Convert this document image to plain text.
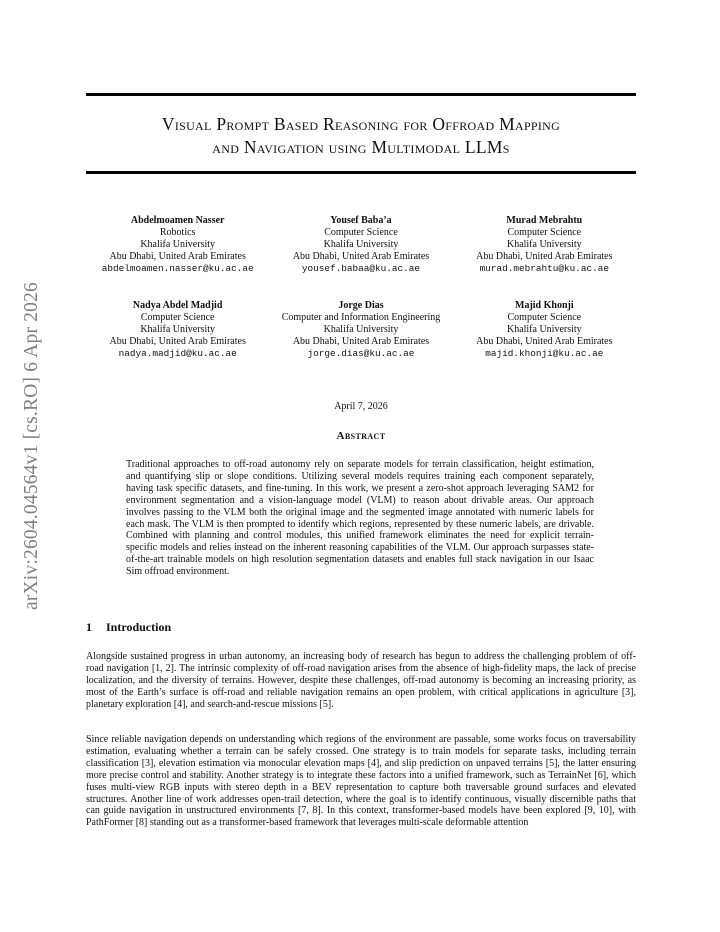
arXiv:2604.04564v1 [cs.RO] 6 Apr 2026
Visual Prompt Based Reasoning for Offroad Mapping
and Navigation using Multimodal LLMs
Abdelmoamen Nasser
Robotics
Khalifa University
Abu Dhabi, United Arab Emirates
abdelmoamen.nasser@ku.ac.ae
Yousef Baba’a
Computer Science
Khalifa University
Abu Dhabi, United Arab Emirates
yousef.babaa@ku.ac.ae
Murad Mebrahtu
Computer Science
Khalifa University
Abu Dhabi, United Arab Emirates
murad.mebrahtu@ku.ac.ae
Nadya Abdel Madjid
Computer Science
Khalifa University
Abu Dhabi, United Arab Emirates
nadya.madjid@ku.ac.ae
Jorge Dias
Computer and Information Engineering
Khalifa University
Abu Dhabi, United Arab Emirates
jorge.dias@ku.ac.ae
Majid Khonji
Computer Science
Khalifa University
Abu Dhabi, United Arab Emirates
majid.khonji@ku.ac.ae
April 7, 2026
Abstract
Traditional approaches to off-road autonomy rely on separate models for terrain classification, height estimation, and quantifying slip or slope conditions. Utilizing several models requires training each component separately, having task specific datasets, and fine-tuning. In this work, we present a zero-shot approach leveraging SAM2 for environment segmentation and a vision-language model (VLM) to reason about drivable areas. Our approach involves passing to the VLM both the original image and the segmented image annotated with numeric labels for each mask. The VLM is then prompted to identify which regions, represented by these numeric labels, are drivable. Combined with planning and control modules, this unified framework eliminates the need for explicit terrain-specific models and relies instead on the inherent reasoning capabilities of the VLM. Our approach surpasses state-of-the-art trainable models on high resolution segmentation datasets and enables full stack navigation in our Isaac Sim offroad environment.
1 Introduction
Alongside sustained progress in urban autonomy, an increasing body of research has begun to address the challenging problem of off-road navigation [1, 2]. The intrinsic complexity of off-road navigation arises from the absence of high-fidelity maps, the lack of precise localization, and the diversity of terrains. However, despite these challenges, off-road autonomy is becoming an increasing priority, as most of the Earth’s surface is off-road and reliable navigation remains an open problem, with critical applications in agriculture [3], planetary exploration [4], and search-and-rescue missions [5].
Since reliable navigation depends on understanding which regions of the environment are passable, some works focus on traversability estimation, evaluating whether a terrain can be safely crossed. One strategy is to train models for separate tasks, including terrain classification [3], elevation estimation via monocular elevation maps [4], and slip prediction on unpaved terrains [5], the latter ensuring more precise control and stability. Another strategy is to integrate these factors into a unified framework, such as TerrainNet [6], which fuses multi-view RGB inputs with stereo depth in a BEV representation to capture both traversable ground surfaces and elevated structures. Another line of work addresses open-trail detection, where the goal is to identify continuous, visually discernible paths that can guide navigation in unstructured environments [7, 8]. In this context, transformer-based models have been explored [9, 10], with PathFormer [8] standing out as a transformer-based framework that leverages multi-scale deformable attention
